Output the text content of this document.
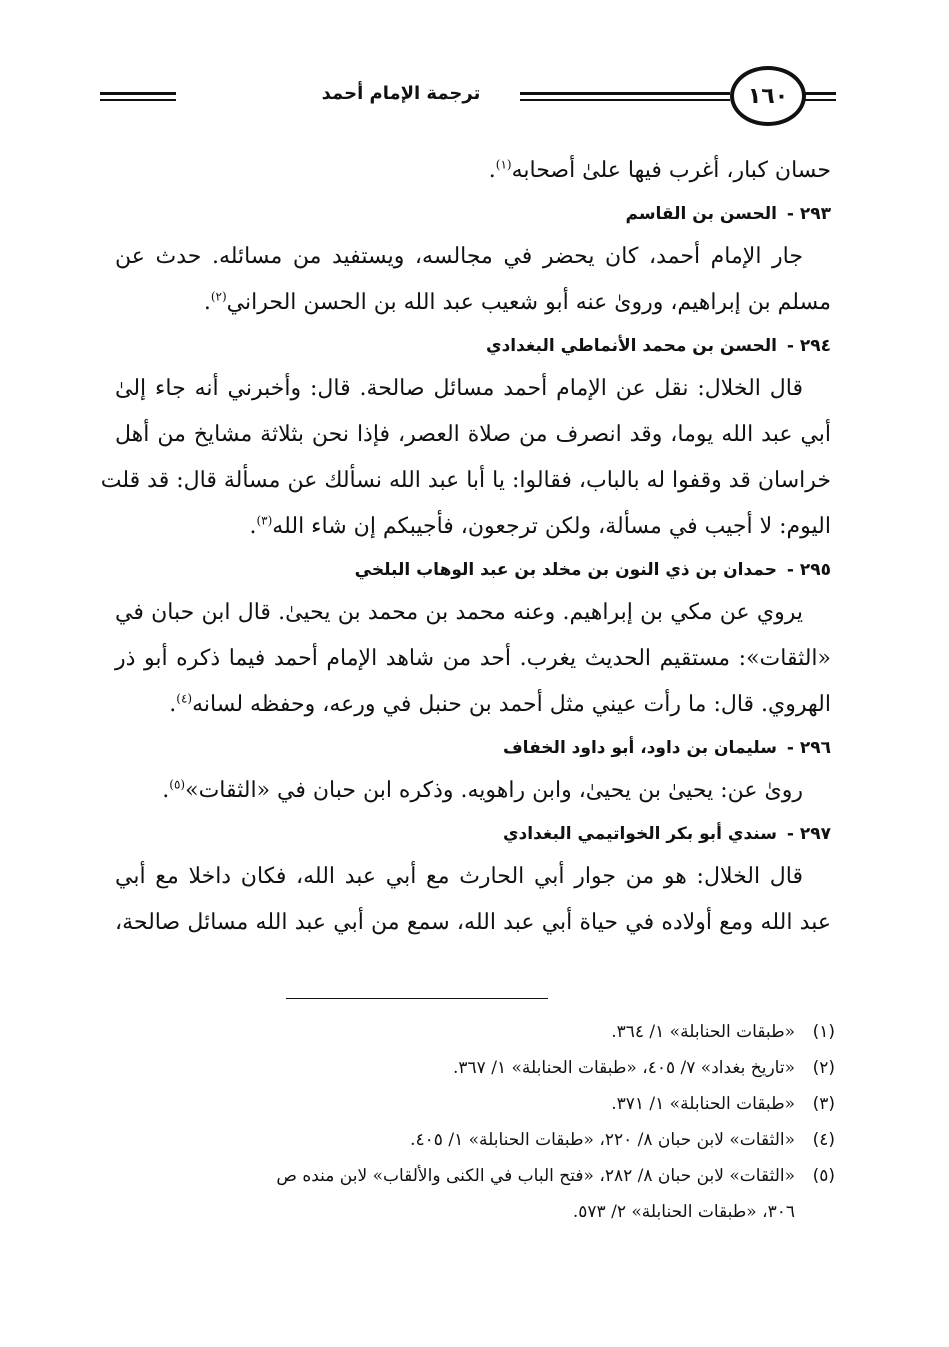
١٦٠
ترجمة الإمام أحمد
حسان كبار، أغرب فيها علىٰ أصحابه$^{(١)}$.
٢٩٣ - الحسن بن القاسم
جار الإمام أحمد، كان يحضر في مجالسه، ويستفيد من مسائله. حدث عن
مسلم بن إبراهيم، وروىٰ عنه أبو شعيب عبد الله بن الحسن الحراني$^{(٢)}$.
٢٩٤ - الحسن بن محمد الأنماطي البغدادي
قال الخلال: نقل عن الإمام أحمد مسائل صالحة. قال: وأخبرني أنه جاء إلىٰ
أبي عبد الله يوما، وقد انصرف من صلاة العصر، فإذا نحن بثلاثة مشايخ من أهل
خراسان قد وقفوا له بالباب، فقالوا: يا أبا عبد الله نسألك عن مسألة قال: قد قلت
اليوم: لا أجيب في مسألة، ولكن ترجعون، فأجيبكم إن شاء الله$^{(٣)}$.
٢٩٥ - حمدان بن ذي النون بن مخلد بن عبد الوهاب البلخي
يروي عن مكي بن إبراهيم. وعنه محمد بن محمد بن يحيىٰ. قال ابن حبان في
«الثقات»: مستقيم الحديث يغرب. أحد من شاهد الإمام أحمد فيما ذكره أبو ذر
الهروي. قال: ما رأت عيني مثل أحمد بن حنبل في ورعه، وحفظه لسانه$^{(٤)}$.
٢٩٦ - سليمان بن داود، أبو داود الخفاف
روىٰ عن: يحيىٰ بن يحيىٰ، وابن راهويه. وذكره ابن حبان في «الثقات»$^{(٥)}$.
٢٩٧ - سندي أبو بكر الخواتيمي البغدادي
قال الخلال: هو من جوار أبي الحارث مع أبي عبد الله، فكان داخلا مع أبي
عبد الله ومع أولاده في حياة أبي عبد الله، سمع من أبي عبد الله مسائل صالحة،
(١)
«طبقات الحنابلة» ١/ ٣٦٤.
(٢)
«تاريخ بغداد» ٧/ ٤٠٥، «طبقات الحنابلة» ١/ ٣٦٧.
(٣)
«طبقات الحنابلة» ١/ ٣٧١.
(٤)
«الثقات» لابن حبان ٨/ ٢٢٠، «طبقات الحنابلة» ١/ ٤٠٥.
(٥)
«الثقات» لابن حبان ٨/ ٢٨٢، «فتح الباب في الكنى والألقاب» لابن منده ص
٣٠٦، «طبقات الحنابلة» ٢/ ٥٧٣.
